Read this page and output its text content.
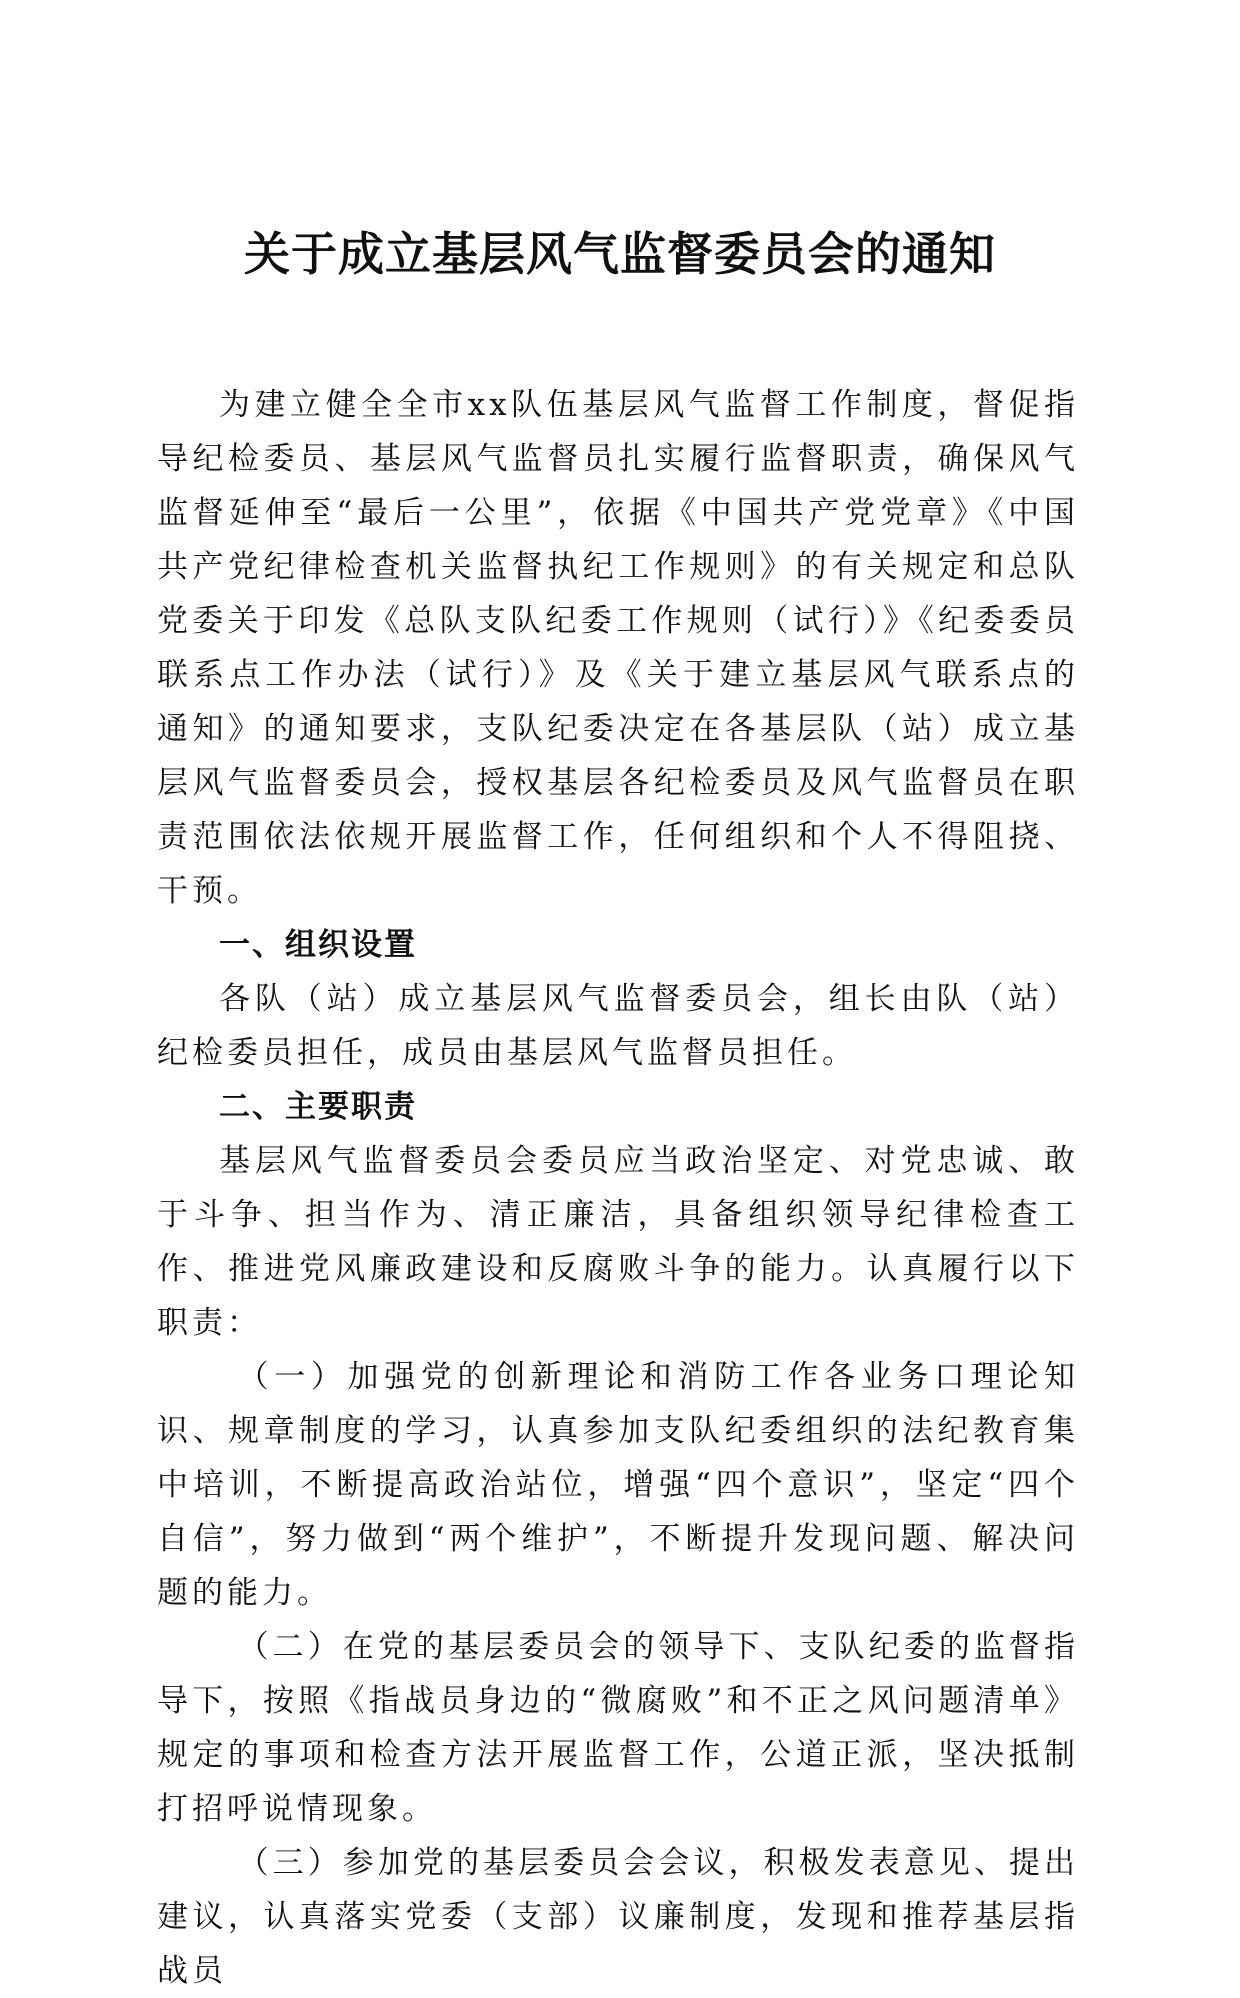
关于成立基层风气监督委员会的通知

为建立健全全市xx队伍基层风气监督工作制度，督促指导纪检委员、基层风气监督员扎实履行监督职责，确保风气监督延伸至“最后一公里”，依据《中国共产党党章》《中国共产党纪律检查机关监督执纪工作规则》的有关规定和总队党委关于印发《总队支队纪委工作规则（试行）》《纪委委员联系点工作办法（试行）》及《关于建立基层风气联系点的通知》的通知要求，支队纪委决定在各基层队（站）成立基层风气监督委员会，授权基层各纪检委员及风气监督员在职责范围依法依规开展监督工作，任何组织和个人不得阻挠、干预。

一、组织设置

各队（站）成立基层风气监督委员会，组长由队（站）纪检委员担任，成员由基层风气监督员担任。

二、主要职责

基层风气监督委员会委员应当政治坚定、对党忠诚、敢于斗争、担当作为、清正廉洁，具备组织领导纪律检查工作、推进党风廉政建设和反腐败斗争的能力。认真履行以下职责：

（一）加强党的创新理论和消防工作各业务口理论知识、规章制度的学习，认真参加支队纪委组织的法纪教育集中培训，不断提高政治站位，增强“四个意识”，坚定“四个自信”，努力做到“两个维护”，不断提升发现问题、解决问题的能力。

（二）在党的基层委员会的领导下、支队纪委的监督指导下，按照《指战员身边的“微腐败”和不正之风问题清单》规定的事项和检查方法开展监督工作，公道正派，坚决抵制打招呼说情现象。

（三）参加党的基层委员会会议，积极发表意见、提出建议，认真落实党委（支部）议廉制度，发现和推荐基层指战员
